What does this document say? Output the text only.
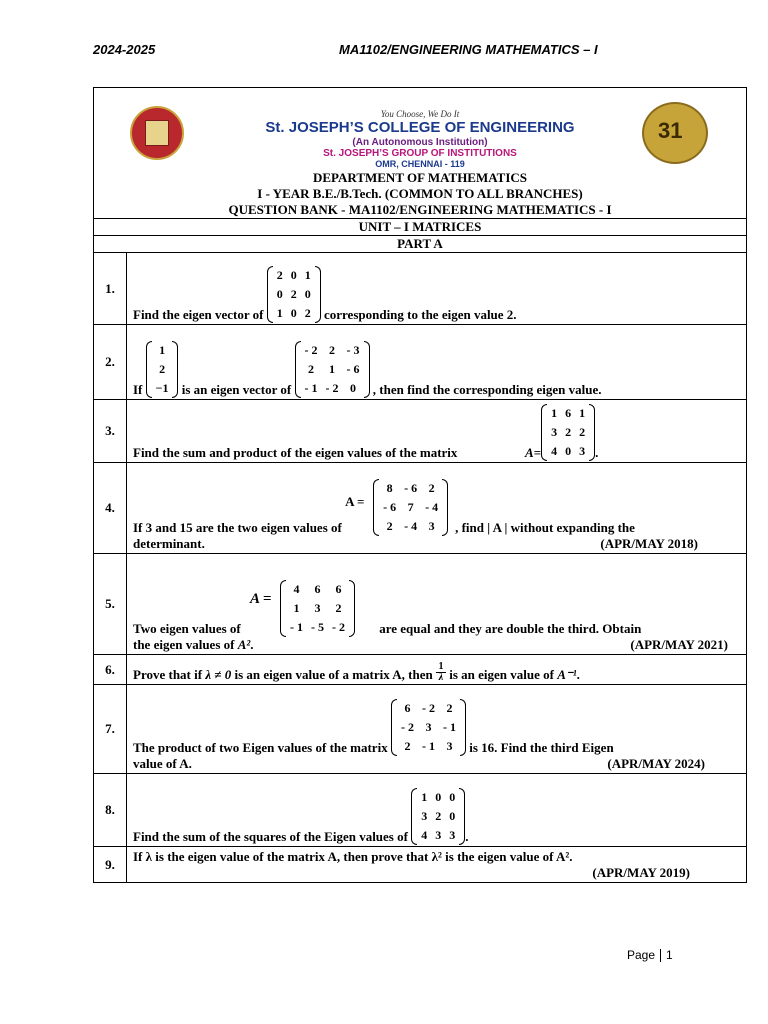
2024-2025	MA1102/ENGINEERING MATHEMATICS – I
You Choose, We Do It
St. JOSEPH’S COLLEGE OF ENGINEERING
(An Autonomous Institution)
St. JOSEPH’S GROUP OF INSTITUTIONS
OMR, CHENNAI - 119
31
DEPARTMENT OF MATHEMATICS
I - YEAR B.E./B.Tech. (COMMON TO ALL BRANCHES)
QUESTION BANK - MA1102/ENGINEERING MATHEMATICS - I

UNIT – I MATRICES
PART A
1.	Find the eigen vector of
2	0	1
0	2	0
1	0	2 corresponding to the eigen value 2.
2.	If
1
2
−1 is an eigen vector of
- 2	2	- 3
2	1	- 6
- 1	- 2	0 , then find the corresponding eigen value.
3.	Find the sum and product of the eigen values of the matrix	A=
1	6	1
3	2	2
4	0	3 .
4.	If 3 and 15 are the two eigen values of
A =
8	- 6	2
- 6	7	- 4
2	- 4	3 , find | A | without expanding the
determinant.	(APR/MAY 2018)

5.	Two eigen values of
A =
4	6	6
1	3	2
- 1	- 5	- 2	are equal and they are double the third. Obtain
the eigen values of A².	(APR/MAY 2021)

6.	Prove that if λ ≠ 0 is an eigen value of a matrix A, then $\frac{1}{\lambda}$ is an eigen value of A⁻¹.
7.	The product of two Eigen values of the matrix
6	- 2	2
- 2	3	- 1
2	- 1	3 is 16. Find the third Eigen
value of A.	(APR/MAY 2024)

8.	Find the sum of the squares of the Eigen values of
1	0	0
3	2	0
4	3	3 .
9.	If λ is the eigen value of the matrix A, then prove that λ² is the eigen value of A².

(APR/MAY 2019)
Page 1
